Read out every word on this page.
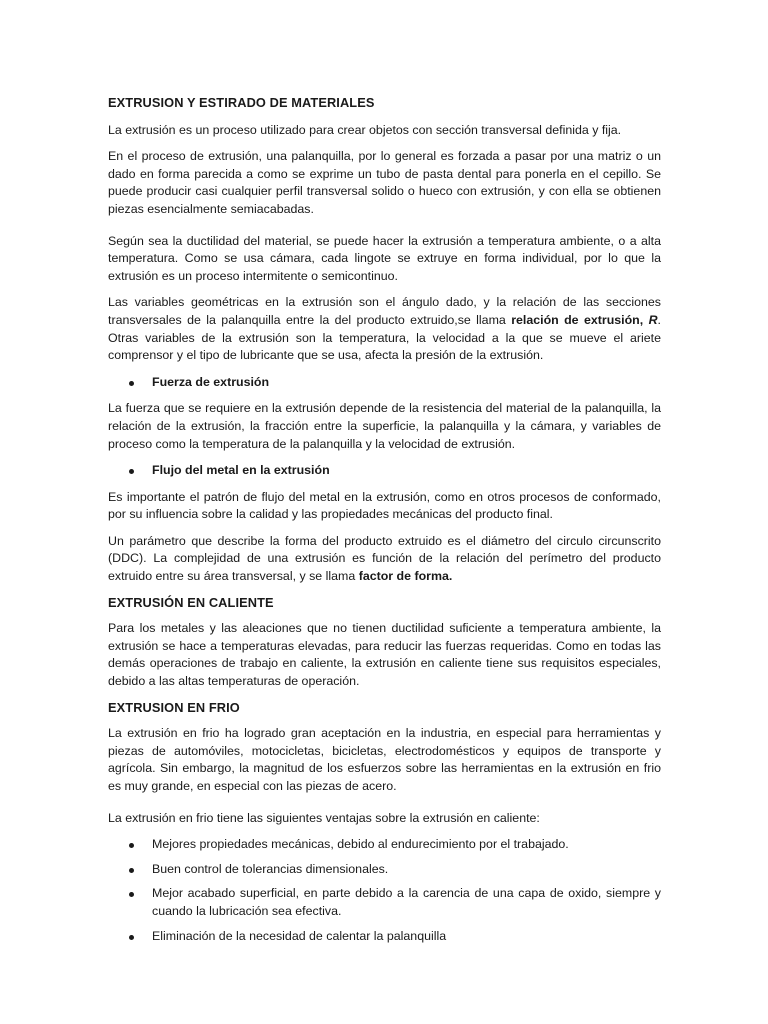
EXTRUSION Y ESTIRADO DE MATERIALES

La extrusión es un proceso utilizado para crear objetos con sección transversal definida y fija.

En el proceso de extrusión, una palanquilla, por lo general es forzada a pasar por una matriz o un dado en forma parecida a como se exprime un tubo de pasta dental para ponerla en el cepillo. Se puede producir casi cualquier perfil transversal solido o hueco con extrusión, y con ella se obtienen piezas esencialmente semiacabadas.

Según sea la ductilidad del material, se puede hacer la extrusión a temperatura ambiente, o a alta temperatura. Como se usa cámara, cada lingote se extruye en forma individual, por lo que la extrusión es un proceso intermitente o semicontinuo.

Las variables geométricas en la extrusión son el ángulo dado, y la relación de las secciones transversales de la palanquilla entre la del producto extruido,se llama relación de extrusión, R. Otras variables de la extrusión son la temperatura, la velocidad a la que se mueve el ariete comprensor y el tipo de lubricante que se usa, afecta la presión de la extrusión.

Fuerza de extrusión

La fuerza que se requiere en la extrusión depende de la resistencia del material de la palanquilla, la relación de la extrusión, la fracción entre la superficie, la palanquilla y la cámara, y variables de proceso como la temperatura de la palanquilla y la velocidad de extrusión.

Flujo del metal en la extrusión

Es importante el patrón de flujo del metal en la extrusión, como en otros procesos de conformado, por su influencia sobre la calidad y las propiedades mecánicas del producto final.

Un parámetro que describe la forma del producto extruido es el diámetro del circulo circunscrito (DDC). La complejidad de una extrusión es función de la relación del perímetro del producto extruido entre su área transversal, y se llama factor de forma.

EXTRUSIÓN EN CALIENTE

Para los metales y las aleaciones que no tienen ductilidad suficiente a temperatura ambiente, la extrusión se hace a temperaturas elevadas, para reducir las fuerzas requeridas. Como en todas las demás operaciones de trabajo en caliente, la extrusión en caliente tiene sus requisitos especiales, debido a las altas temperaturas de operación.

EXTRUSION EN FRIO

La extrusión en frio ha logrado gran aceptación en la industria, en especial para herramientas y piezas de automóviles, motocicletas, bicicletas, electrodomésticos y equipos de transporte y agrícola. Sin embargo, la magnitud de los esfuerzos sobre las herramientas en la extrusión en frio es muy grande, en especial con las piezas de acero.

La extrusión en frio tiene las siguientes ventajas sobre la extrusión en caliente:

Mejores propiedades mecánicas, debido al endurecimiento por el trabajado.

Buen control de tolerancias dimensionales.

Mejor acabado superficial, en parte debido a la carencia de una capa de oxido, siempre y cuando la lubricación sea efectiva.

Eliminación de la necesidad de calentar la palanquilla
